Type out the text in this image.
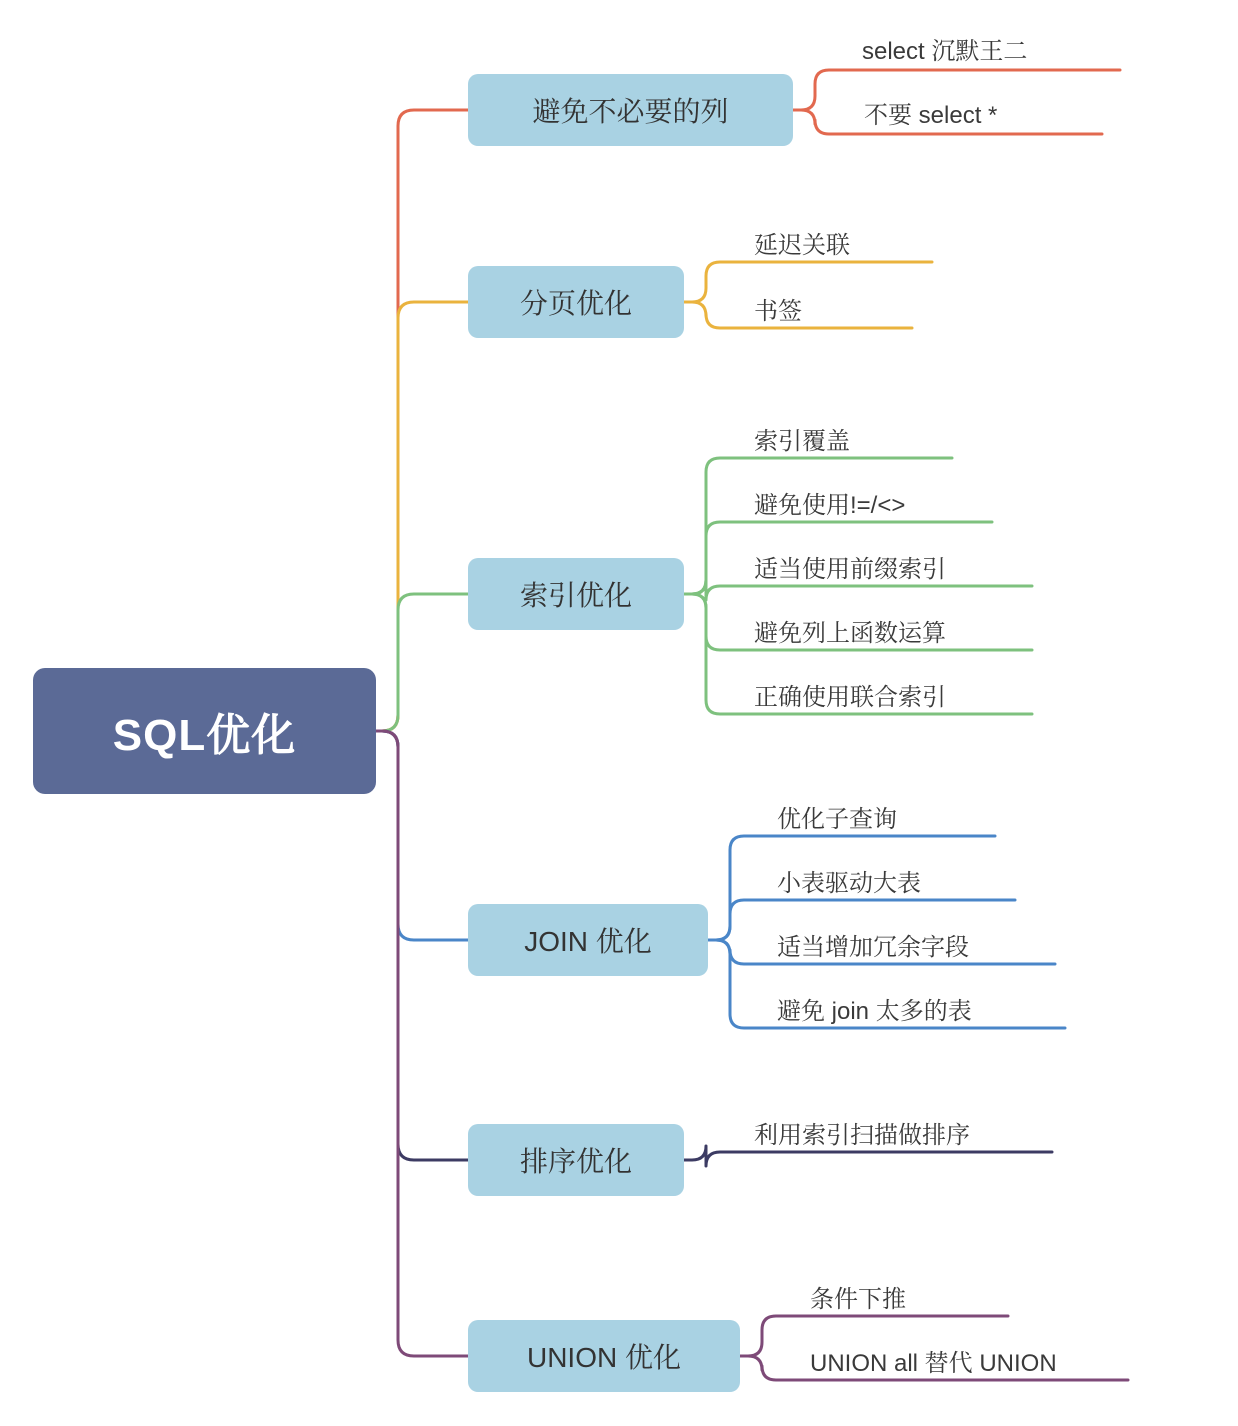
SQL优化
避免不必要的列
select 沉默王二
不要 select *
分页优化
延迟关联
书签
索引优化
索引覆盖
避免使用!=/<>
适当使用前缀索引
避免列上函数运算
正确使用联合索引
JOIN 优化
优化子查询
小表驱动大表
适当增加冗余字段
避免 join 太多的表
排序优化
利用索引扫描做排序
UNION 优化
条件下推
UNION all 替代 UNION
